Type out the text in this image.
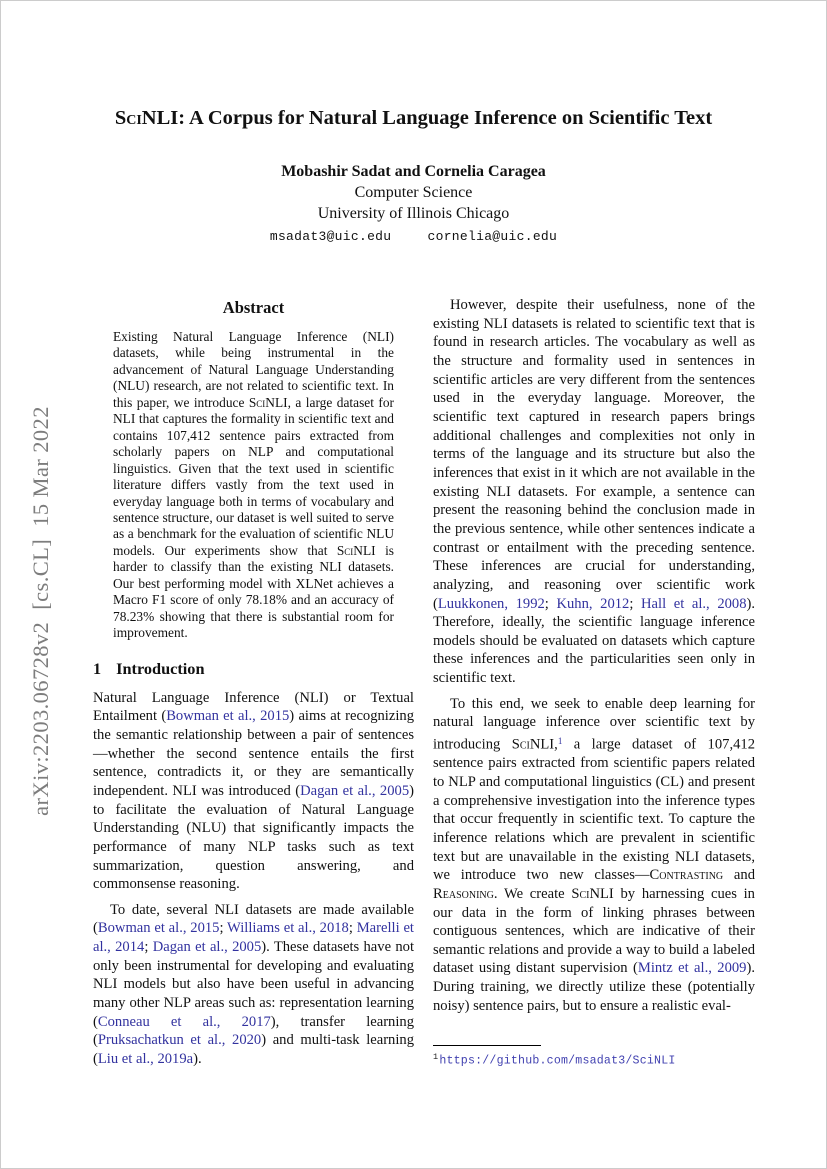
arXiv:2203.06728v2  [cs.CL]  15 Mar 2022
SciNLI: A Corpus for Natural Language Inference on Scientific Text
Mobashir Sadat and Cornelia Caragea
Computer Science
University of Illinois Chicago
msadat3@uic.edu	cornelia@uic.edu
Abstract
Existing Natural Language Inference (NLI) datasets, while being instrumental in the advancement of Natural Language Understanding (NLU) research, are not related to scientific text. In this paper, we introduce SciNLI, a large dataset for NLI that captures the formality in scientific text and contains 107,412 sentence pairs extracted from scholarly papers on NLP and computational linguistics. Given that the text used in scientific literature differs vastly from the text used in everyday language both in terms of vocabulary and sentence structure, our dataset is well suited to serve as a benchmark for the evaluation of scientific NLU models. Our experiments show that SciNLI is harder to classify than the existing NLI datasets. Our best performing model with XLNet achieves a Macro F1 score of only 78.18% and an accuracy of 78.23% showing that there is substantial room for improvement.
1 Introduction

Natural Language Inference (NLI) or Textual Entailment (Bowman et al., 2015) aims at recognizing the semantic relationship between a pair of sentences—whether the second sentence entails the first sentence, contradicts it, or they are semantically independent. NLI was introduced (Dagan et al., 2005) to facilitate the evaluation of Natural Language Understanding (NLU) that significantly impacts the performance of many NLP tasks such as text summarization, question answering, and commonsense reasoning.

To date, several NLI datasets are made available (Bowman et al., 2015; Williams et al., 2018; Marelli et al., 2014; Dagan et al., 2005). These datasets have not only been instrumental for developing and evaluating NLI models but also have been useful in advancing many other NLP areas such as: representation learning (Conneau et al., 2017), transfer learning (Pruksachatkun et al., 2020) and multi-task learning (Liu et al., 2019a).

However, despite their usefulness, none of the existing NLI datasets is related to scientific text that is found in research articles. The vocabulary as well as the structure and formality used in sentences in scientific articles are very different from the sentences used in the everyday language. Moreover, the scientific text captured in research papers brings additional challenges and complexities not only in terms of the language and its structure but also the inferences that exist in it which are not available in the existing NLI datasets. For example, a sentence can present the reasoning behind the conclusion made in the previous sentence, while other sentences indicate a contrast or entailment with the preceding sentence. These inferences are crucial for understanding, analyzing, and reasoning over scientific work (Luukkonen, 1992; Kuhn, 2012; Hall et al., 2008). Therefore, ideally, the scientific language inference models should be evaluated on datasets which capture these inferences and the particularities seen only in scientific text.

To this end, we seek to enable deep learning for natural language inference over scientific text by introducing SciNLI,$^1$ a large dataset of 107,412 sentence pairs extracted from scientific papers related to NLP and computational linguistics (CL) and present a comprehensive investigation into the inference types that occur frequently in scientific text. To capture the inference relations which are prevalent in scientific text but are unavailable in the existing NLI datasets, we introduce two new classes—Contrasting and Reasoning. We create SciNLI by harnessing cues in our data in the form of linking phrases between contiguous sentences, which are indicative of their semantic relations and provide a way to build a labeled dataset using distant supervision (Mintz et al., 2009). During training, we directly utilize these (potentially noisy) sentence pairs, but to ensure a realistic eval-

$^1$https://github.com/msadat3/SciNLI
